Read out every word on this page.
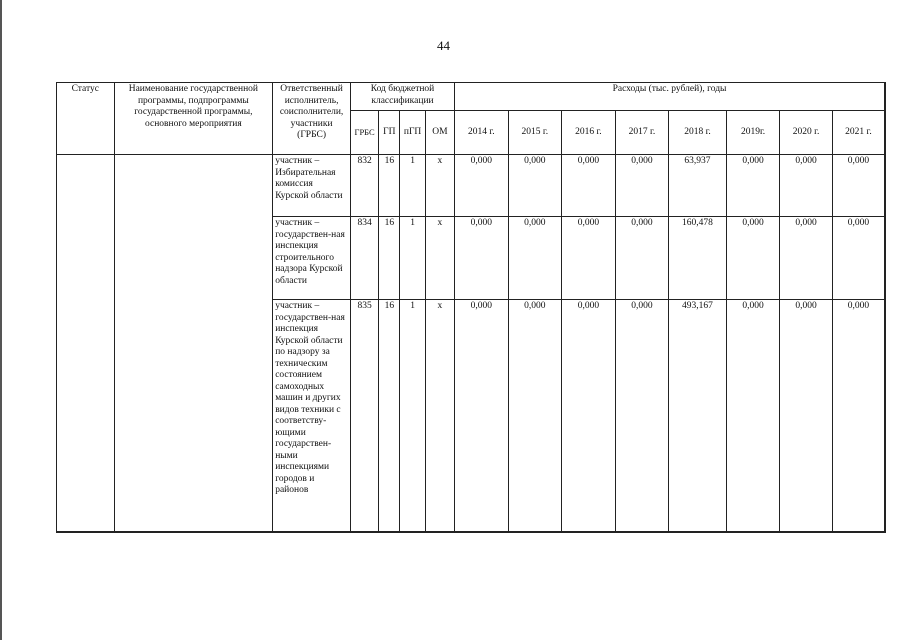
44
Статус	Наименование государственной программы, подпрограммы государственной программы, основного мероприятия	Ответственный исполнитель, соисполнители, участники (ГРБС)	Код бюджетной классификации				Расходы (тыс. рублей), годы							
			ГРБС	ГП	пГП	ОМ	2014 г.	2015 г.	2016 г.	2017 г.	2018 г.	2019г.	2020 г.	2021 г.
		участник – Избирательная комиссия Курской области	832	16	1	х	0,000	0,000	0,000	0,000	63,937	0,000	0,000	0,000
		участник – государствен-ная инспекция строительного надзора Курской области	834	16	1	х	0,000	0,000	0,000	0,000	160,478	0,000	0,000	0,000
		участник – государствен-ная инспекция Курской области по надзору за техническим состоянием самоходных машин и других видов техники с соответству-ющими государствен-ными инспекциями городов и районов	835	16	1	х	0,000	0,000	0,000	0,000	493,167	0,000	0,000	0,000
